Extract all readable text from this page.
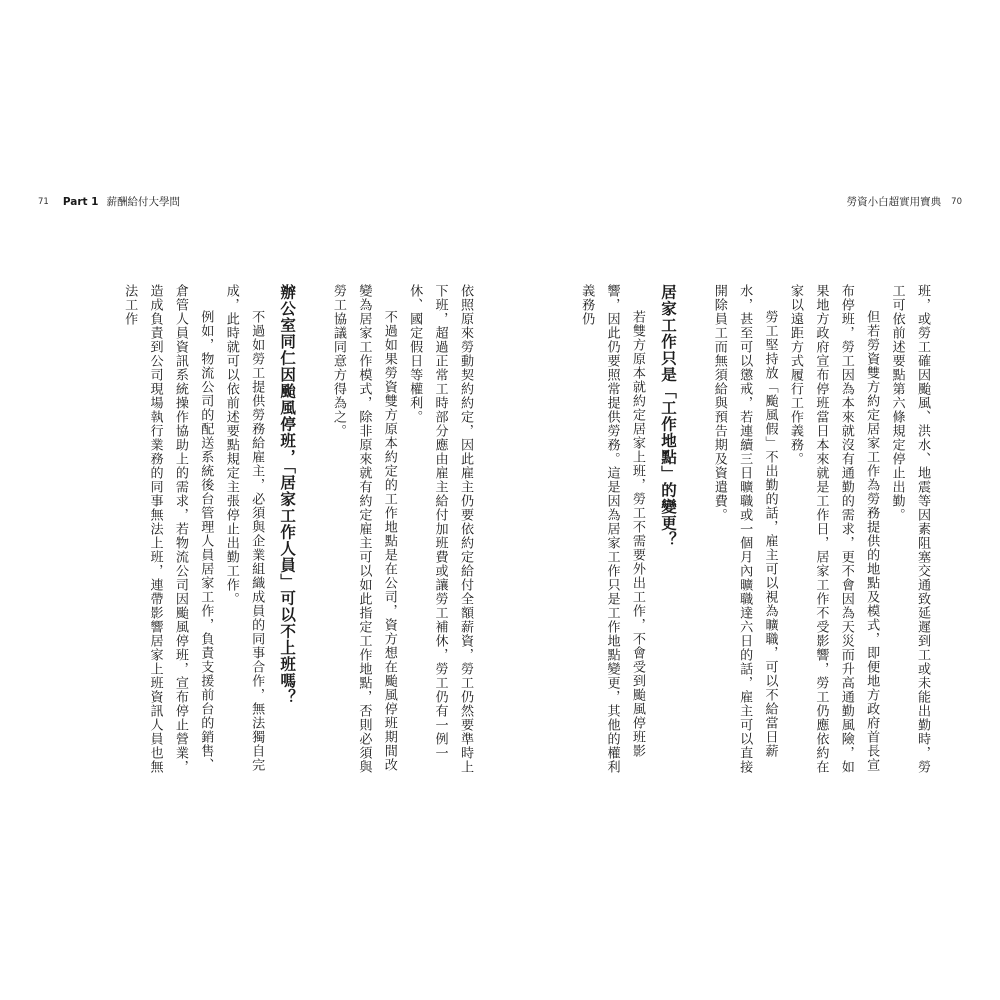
71 Part 1 薪酬給付大學問	勞資小白超實用寶典 70

班，或勞工確因颱風、洪水、地震等因素阻塞交通致延遲到工或未能出勤時，勞工可依前述要點第六條規定停止出勤。

但若勞資雙方約定居家工作為勞務提供的地點及模式，即便地方政府首長宣布停班，勞工因為本來就沒有通勤的需求，更不會因為天災而升高通勤風險，如果地方政府宣布停班當日本來就是工作日，居家工作不受影響，勞工仍應依約在家以遠距方式履行工作義務。

勞工堅持放「颱風假」不出勤的話，雇主可以視為曠職，可以不給當日薪水，甚至可以懲戒，若連續三日曠職或一個月內曠職達六日的話，雇主可以直接開除員工而無須給與預告期及資遣費。

居家工作只是「工作地點」的變更？

若雙方原本就約定居家上班，勞工不需要外出工作，不會受到颱風停班影響，因此仍要照常提供勞務。這是因為居家工作只是工作地點變更，其他的權利義務仍

依照原來勞動契約約定，因此雇主仍要依約定給付全額薪資，勞工仍然要準時上下班，超過正常工時部分應由雇主給付加班費或讓勞工補休，勞工仍有一例一休、國定假日等權利。

不過如果勞資雙方原本約定的工作地點是在公司，資方想在颱風停班期間改變為居家工作模式，除非原來就有約定雇主可以如此指定工作地點，否則必須與勞工協議同意方得為之。

辦公室同仁因颱風停班，「居家工作人員」可以不上班嗎？

不過如勞工提供勞務給雇主，必須與企業組織成員的同事合作，無法獨自完成，此時就可以依前述要點規定主張停止出勤工作。

例如，物流公司的配送系統後台管理人員居家工作，負責支援前台的銷售、倉管人員資訊系統操作協助上的需求，若物流公司因颱風停班，宣布停止營業，造成負責到公司現場執行業務的同事無法上班，連帶影響居家上班資訊人員也無法工作
